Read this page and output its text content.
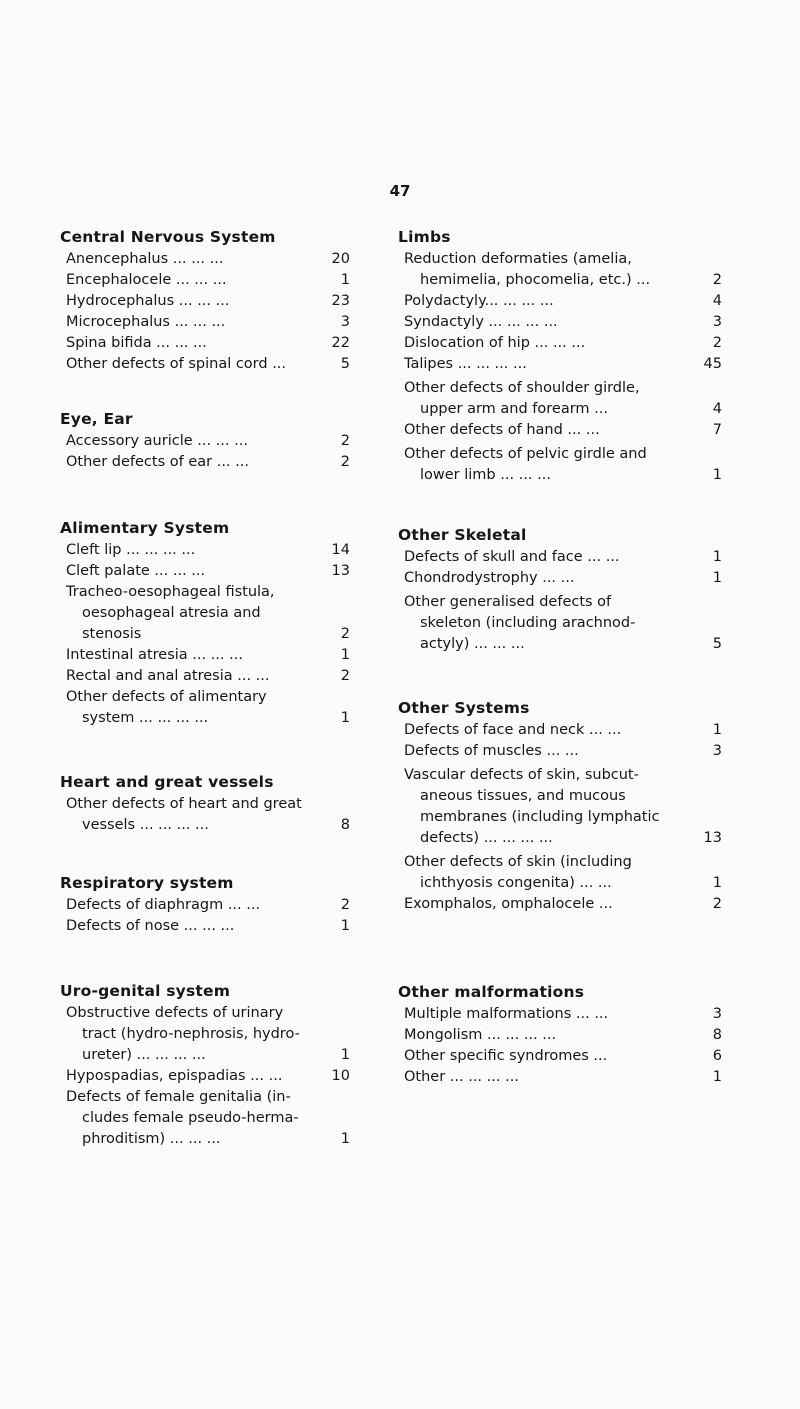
47
Central Nervous System
Anencephalus ... ... ...	20
Encephalocele ... ... ...	1
Hydrocephalus ... ... ...	23
Microcephalus ... ... ...	3
Spina bifida ... ... ...	22
Other defects of spinal cord ...	5
Eye, Ear
Accessory auricle ... ... ...	2
Other defects of ear ... ...	2
Alimentary System
Cleft lip ... ... ... ...	14
Cleft palate ... ... ...	13
Tracheo-oesophageal fistula,
oesophageal atresia and stenosis	2
Intestinal atresia ... ... ...	1
Rectal and anal atresia ... ...	2
Other defects of alimentary
system ... ... ... ...	1
Heart and great vessels
Other defects of heart and great
vessels ... ... ... ...	8
Respiratory system
Defects of diaphragm ... ...	2
Defects of nose ... ... ...	1
Uro-genital system
Obstructive defects of urinary
tract (hydro-nephrosis, hydro-
ureter) ... ... ... ...	1
Hypospadias, epispadias ... ...	10
Defects of female genitalia (in-
cludes female pseudo-herma-
phroditism) ... ... ...	1
Limbs
Reduction deformaties (amelia,
hemimelia, phocomelia, etc.) ...	2
Polydactyly... ... ... ...	4
Syndactyly ... ... ... ...	3
Dislocation of hip ... ... ...	2
Talipes ... ... ... ...	45
Other defects of shoulder girdle,
upper arm and forearm ...	4
Other defects of hand ... ...	7
Other defects of pelvic girdle and
lower limb ... ... ...	1
Other Skeletal
Defects of skull and face ... ...	1
Chondrodystrophy ... ...	1
Other generalised defects of
skeleton (including arachnod-
actyly) ... ... ...	5
Other Systems
Defects of face and neck ... ...	1
Defects of muscles ... ...	3
Vascular defects of skin, subcut-
aneous tissues, and mucous
membranes (including lymphatic
defects) ... ... ... ...	13
Other defects of skin (including
ichthyosis congenita) ... ...	1
Exomphalos, omphalocele ...	2
Other malformations
Multiple malformations ... ...	3
Mongolism ... ... ... ...	8
Other specific syndromes ...	6
Other ... ... ... ...	1
